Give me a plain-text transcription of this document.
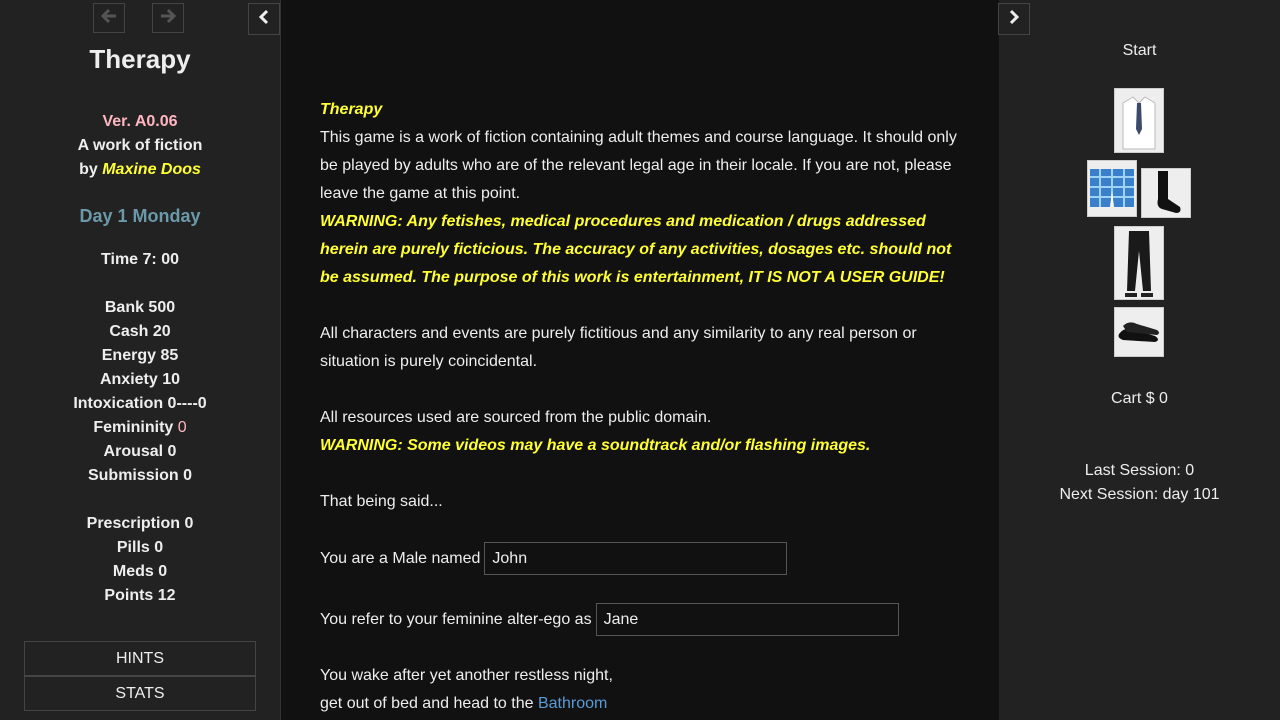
Therapy
Ver. A0.06
A work of fiction
by Maxine Doos
Day 1 Monday
Time 7: 00
Bank 500
Cash 20
Energy 85
Anxiety 10
Intoxication 0----0
Femininity 0
Arousal 0
Submission 0
Prescription 0
Pills 0
Meds 0
Points 12
HINTS
STATS
Therapy
This game is a work of fiction containing adult themes and course language. It should only be played by adults who are of the relevant legal age in their locale. If you are not, please leave the game at this point.
WARNING: Any fetishes, medical procedures and medication / drugs addressed herein are purely ficticious. The accuracy of any activities, dosages etc. should not be assumed. The purpose of this work is entertainment, IT IS NOT A USER GUIDE!
All characters and events are purely fictitious and any similarity to any real person or situation is purely coincidental.
All resources used are sourced from the public domain.
WARNING: Some videos may have a soundtrack and/or flashing images.
That being said...
You are a Male named
John
You refer to your feminine alter-ego as
Jane
You wake after yet another restless night,
get out of bed and head to the Bathroom
Start
Cart $ 0
Last Session: 0
Next Session: day 101
